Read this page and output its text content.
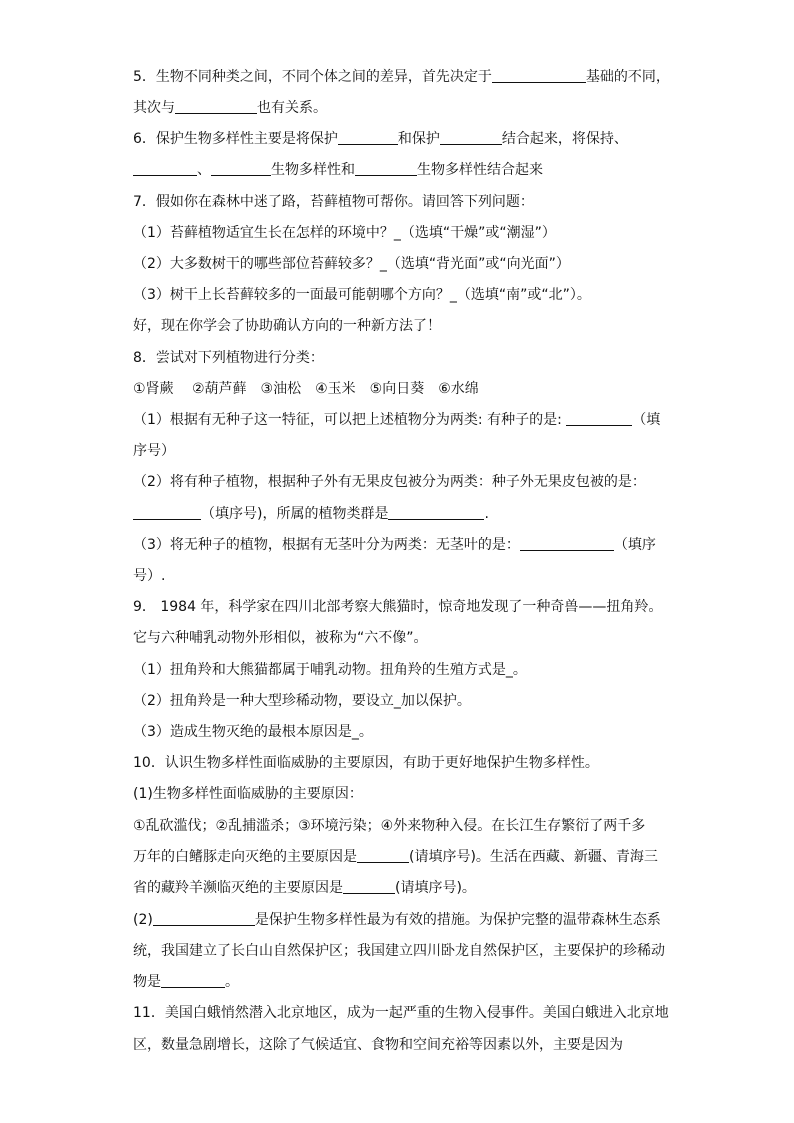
5．生物不同种类之间，不同个体之间的差异，首先决定于	基础的不同，
其次与	也有关系。
6．保护生物多样性主要是将保护	和保护	结合起来，将保持、
、	生物多样性和	生物多样性结合起来
7．假如你在森林中迷了路，苔藓植物可帮你。请回答下列问题：
（1）苔藓植物适宜生长在怎样的环境中？_（选填“干燥”或“潮湿”）
（2）大多数树干的哪些部位苔藓较多？_（选填“背光面”或“向光面”）
（3）树干上长苔藓较多的一面最可能朝哪个方向？_（选填“南”或“北”）。
好，现在你学会了协助确认方向的一种新方法了！
8．尝试对下列植物进行分类：
①肾蕨　 ②葫芦藓　③油松　④玉米　⑤向日葵　⑥水绵
（1）根据有无种子这一特征，可以把上述植物分为两类: 有种子的是:	（填
序号）
（2）将有种子植物，根据种子外有无果皮包被分为两类：种子外无果皮包被的是：
（填序号)，所属的植物类群是	.
（3）将无种子的植物，根据有无茎叶分为两类：无茎叶的是：	（填序
号）.
9． 1984 年，科学家在四川北部考察大熊猫时，惊奇地发现了一种奇兽——扭角羚。
它与六种哺乳动物外形相似，被称为“六不像”。
（1）扭角羚和大熊猫都属于哺乳动物。扭角羚的生殖方式是_。
（2）扭角羚是一种大型珍稀动物，要设立_加以保护。
（3）造成生物灭绝的最根本原因是_。
10．认识生物多样性面临威胁的主要原因，有助于更好地保护生物多样性。
(1)生物多样性面临威胁的主要原因：
①乱砍滥伐；②乱捕滥杀；③环境污染；④外来物种入侵。在长江生存繁衍了两千多
万年的白鳍豚走向灭绝的主要原因是	(请填序号)。生活在西藏、新疆、青海三
省的藏羚羊濒临灭绝的主要原因是	(请填序号)。
(2)	是保护生物多样性最为有效的措施。为保护完整的温带森林生态系
统，我国建立了长白山自然保护区；我国建立四川卧龙自然保护区，主要保护的珍稀动
物是	。
11．美国白蛾悄然潜入北京地区，成为一起严重的生物入侵事件。美国白蛾进入北京地
区，数量急剧增长，这除了气候适宜、食物和空间充裕等因素以外，主要是因为
